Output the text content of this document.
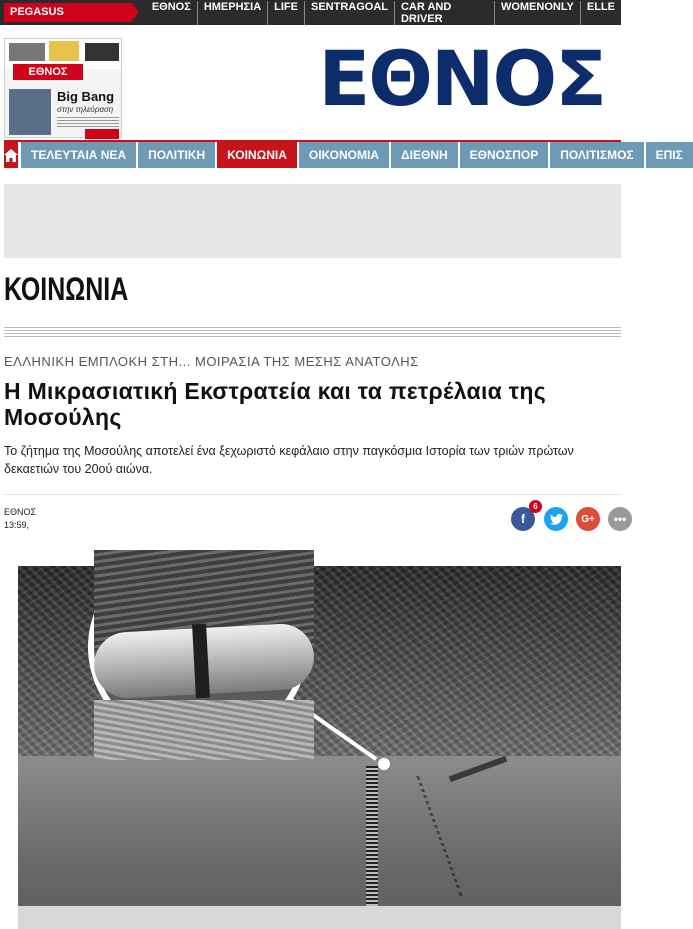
PEGASUS NETWORK
ΕΘΝΟΣ	ΗΜΕΡΗΣΙΑ	LIFE	SENTRAGOAL	CAR AND DRIVER
WOMENONLY	ELLE
ΕΘΝΟΣ
Big Bang
στην τηλεόραση	ΕΘΝΟΣ
ΤΕΛΕΥΤΑΙΑ ΝΕΑ	ΠΟΛΙΤΙΚΗ	ΚΟΙΝΩΝΙΑ	ΟΙΚΟΝΟΜΙΑ	ΔΙΕΘΝΗ	ΕΘΝΟΣΠΟΡ	ΠΟΛΙΤΙΣΜΟΣ	ΕΠΙΣ
ΚΟΙΝΩΝΙΑ
ΕΛΛΗΝΙΚΗ ΕΜΠΛΟΚΗ ΣΤΗ... ΜΟΙΡΑΣΙΑ ΤΗΣ ΜΕΣΗΣ ΑΝΑΤΟΛΗΣ
Η Μικρασιατική Εκστρατεία και τα πετρέλαια της Μοσούλης

Το ζήτημα της Μοσούλης αποτελεί ένα ξεχωριστό κεφάλαιο στην παγκόσμια Ιστορία των τριών πρώτων δεκαετιών του 20ού αιώνα.

ΕΘΝΟΣ
13:59,	f
6
G+ •••
